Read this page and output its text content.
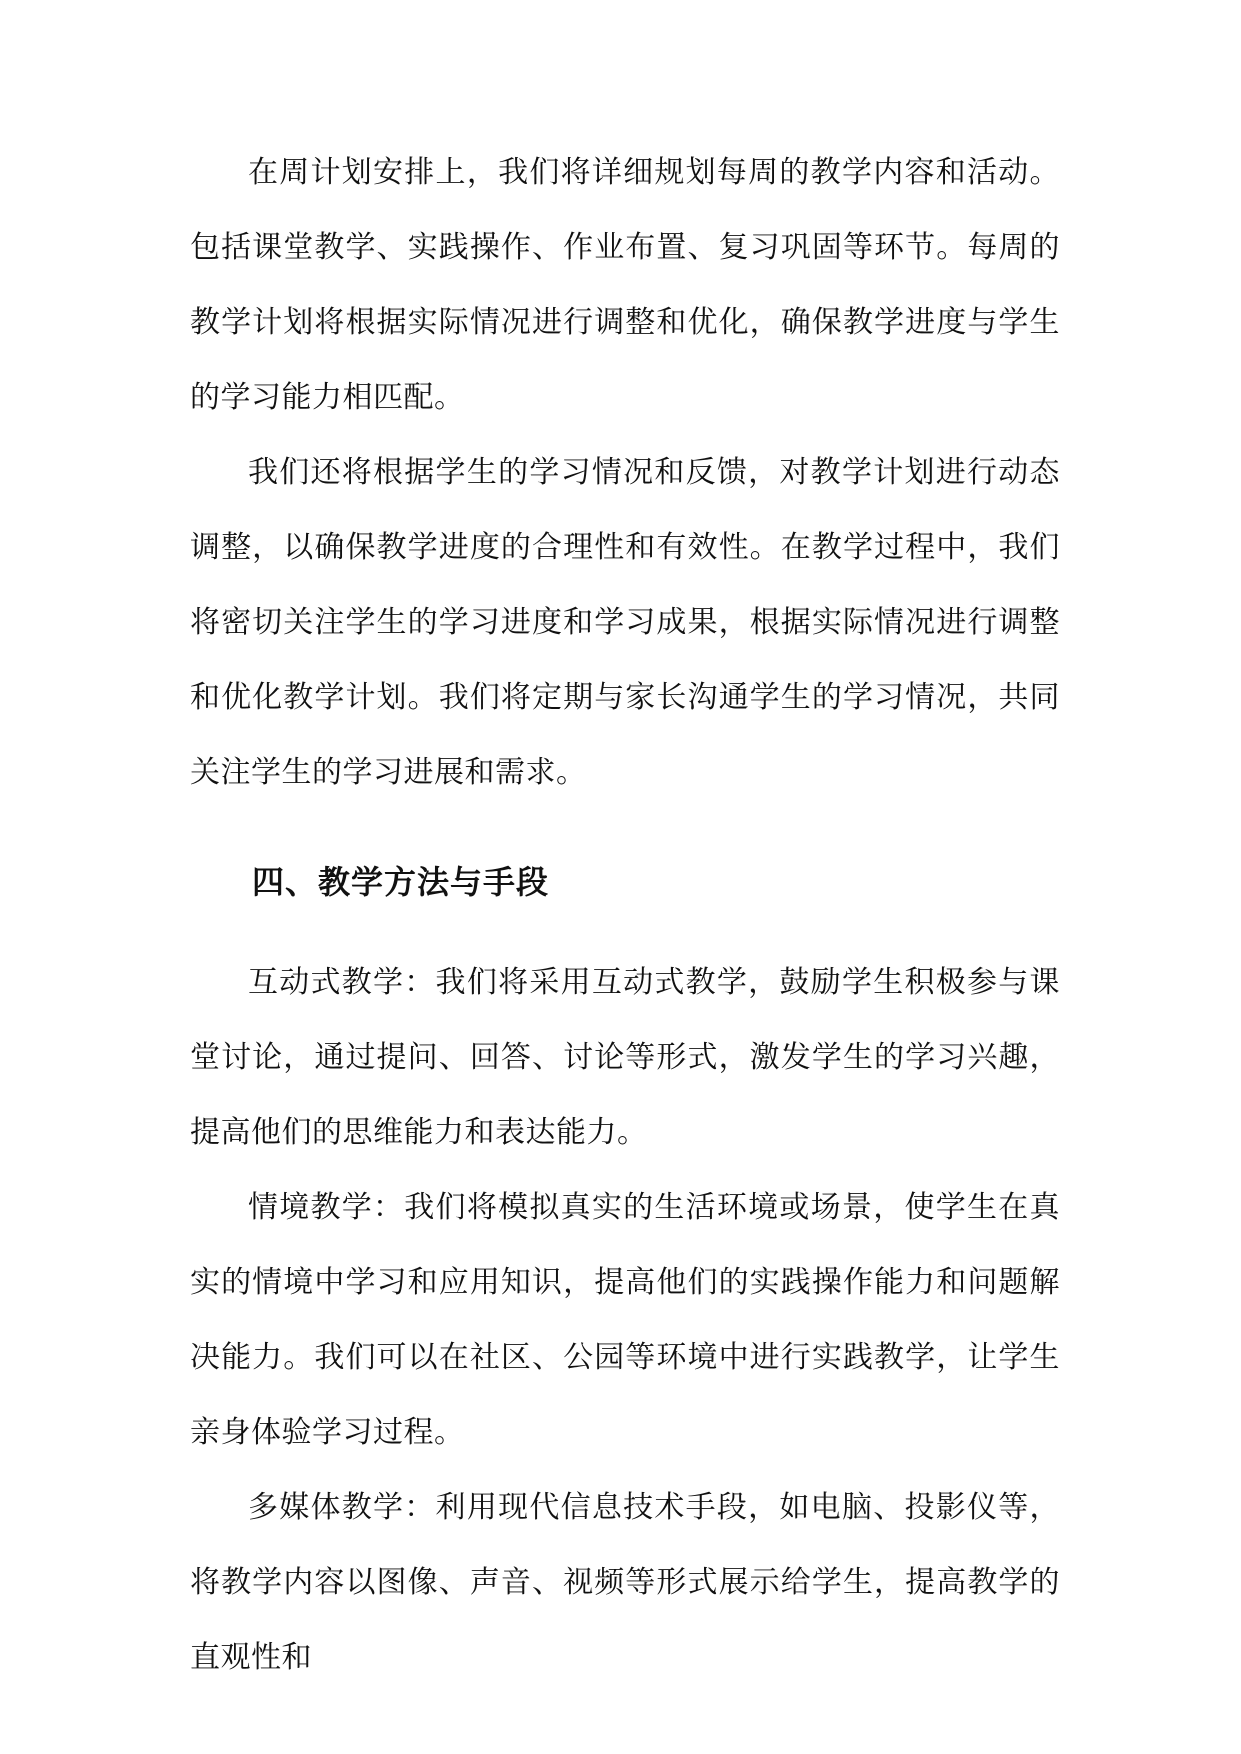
在周计划安排上，我们将详细规划每周的教学内容和活动。包括课堂教学、实践操作、作业布置、复习巩固等环节。每周的教学计划将根据实际情况进行调整和优化，确保教学进度与学生的学习能力相匹配。

我们还将根据学生的学习情况和反馈，对教学计划进行动态调整，以确保教学进度的合理性和有效性。在教学过程中，我们将密切关注学生的学习进度和学习成果，根据实际情况进行调整和优化教学计划。我们将定期与家长沟通学生的学习情况，共同关注学生的学习进展和需求。

四、教学方法与手段

互动式教学：我们将采用互动式教学，鼓励学生积极参与课堂讨论，通过提问、回答、讨论等形式，激发学生的学习兴趣，提高他们的思维能力和表达能力。

情境教学：我们将模拟真实的生活环境或场景，使学生在真实的情境中学习和应用知识，提高他们的实践操作能力和问题解决能力。我们可以在社区、公园等环境中进行实践教学，让学生亲身体验学习过程。

多媒体教学：利用现代信息技术手段，如电脑、投影仪等，将教学内容以图像、声音、视频等形式展示给学生，提高教学的直观性和
